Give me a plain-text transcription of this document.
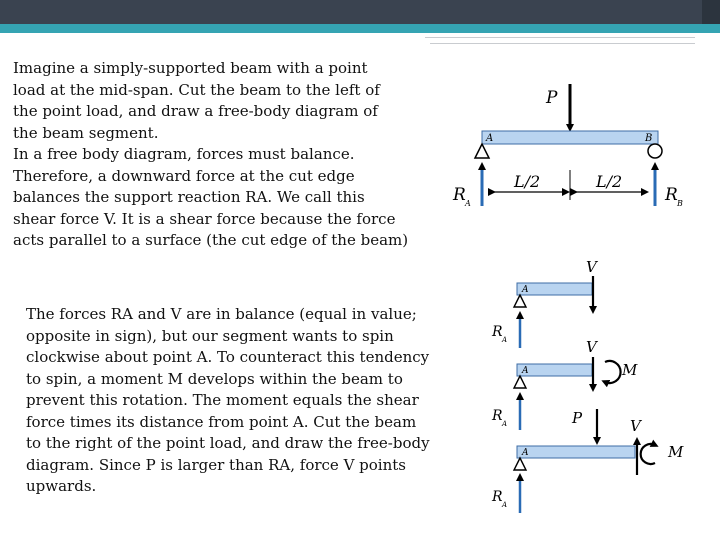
Imagine a simply-supported beam with a point
load at the mid-span. Cut the beam to the left of
the point load, and draw a free-body diagram of
the beam segment.
In a free body diagram, forces must balance.
Therefore, a downward force at the cut edge
balances the support reaction RA. We call this
shear force V. It is a shear force because the force
acts parallel to a surface (the cut edge of the beam)

The forces RA and V are in balance (equal in value;
opposite in sign), but our segment wants to spin
clockwise about point A. To counteract this tendency
to spin, a moment M develops within the beam to
prevent this rotation. The moment equals the shear
force times its distance from point A. Cut the beam
to the right of the point load, and draw the free-body
diagram. Since P is larger than RA, force V points
upwards.

P
A	B
L/2	L/2
R A	R B
V
A
R A	V
A	M
R A	P	V
A	M
R A
